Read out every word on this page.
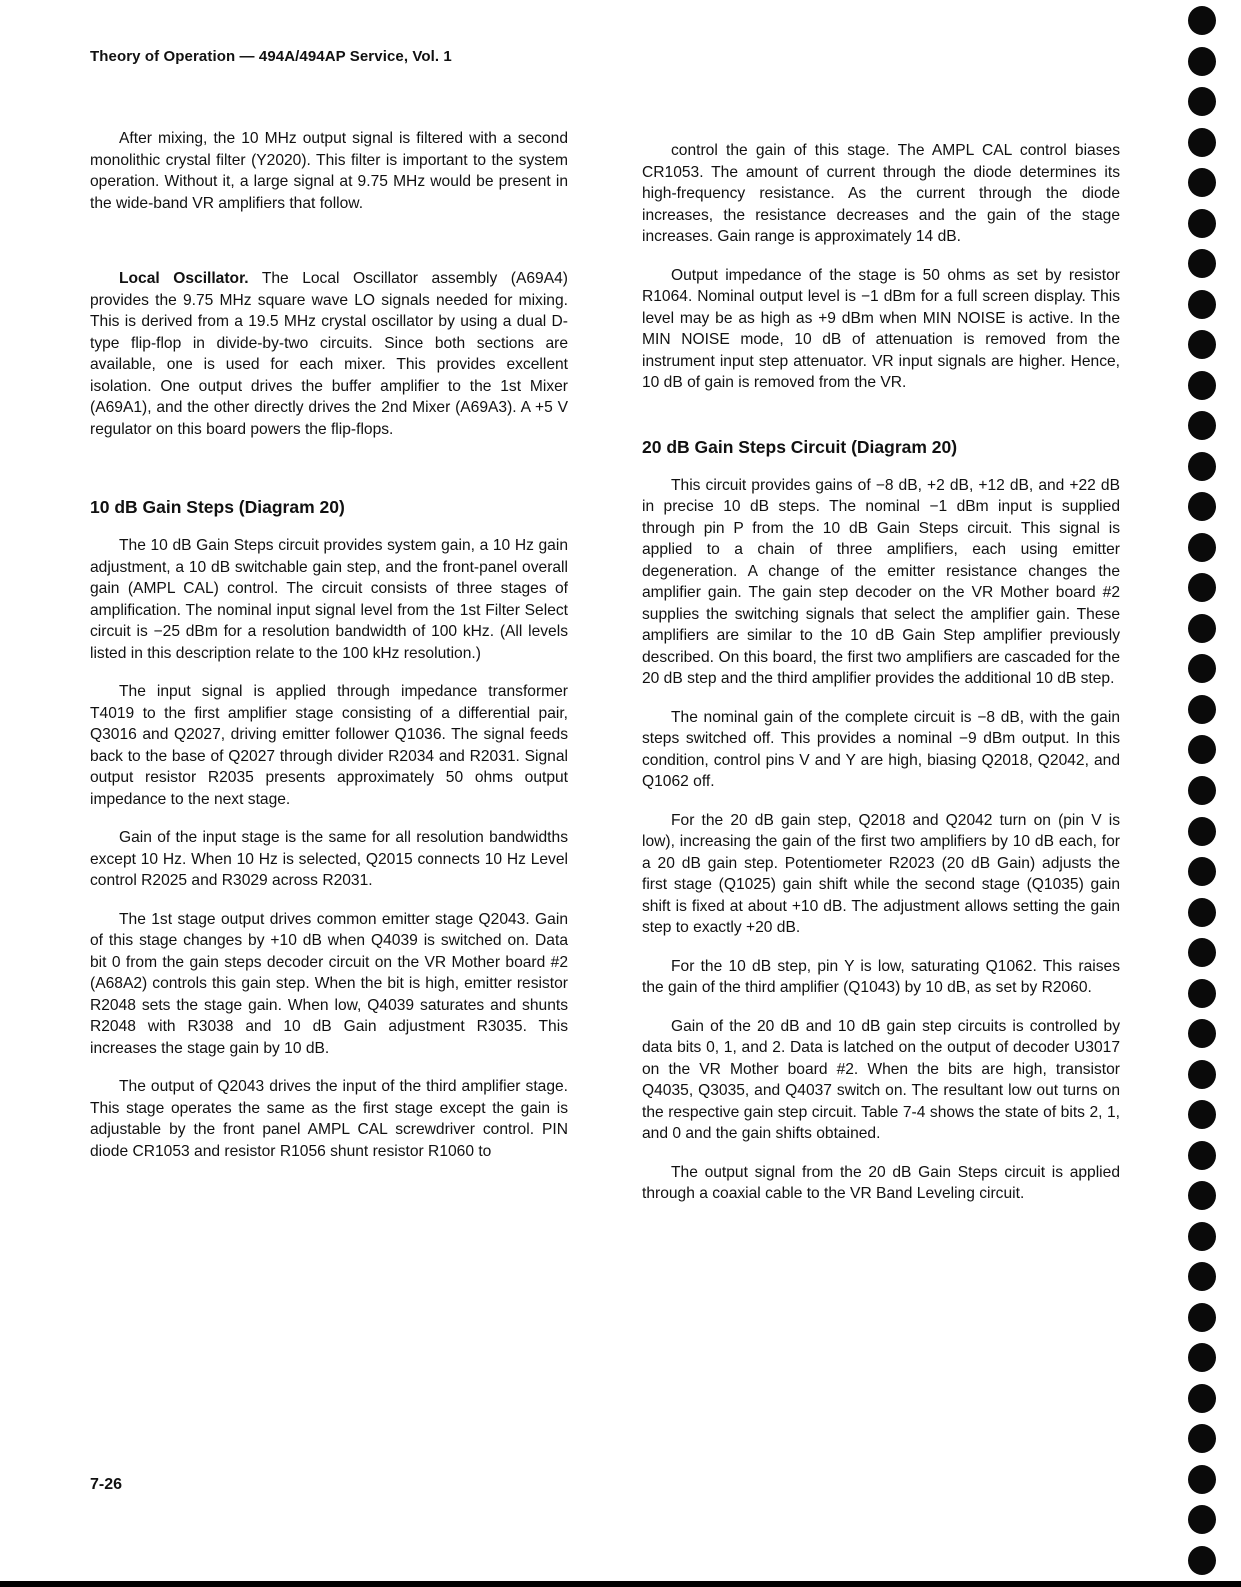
Theory of Operation — 494A/494AP Service, Vol. 1

After mixing, the 10 MHz output signal is filtered with a second monolithic crystal filter (Y2020). This filter is important to the system operation. Without it, a large signal at 9.75 MHz would be present in the wide-band VR amplifiers that follow.

Local Oscillator. The Local Oscillator assembly (A69A4) provides the 9.75 MHz square wave LO signals needed for mixing. This is derived from a 19.5 MHz crystal oscillator by using a dual D-type flip-flop in divide-by-two circuits. Since both sections are available, one is used for each mixer. This provides excellent isolation. One output drives the buffer amplifier to the 1st Mixer (A69A1), and the other directly drives the 2nd Mixer (A69A3). A +5 V regulator on this board powers the flip-flops.

10 dB Gain Steps (Diagram 20)

The 10 dB Gain Steps circuit provides system gain, a 10 Hz gain adjustment, a 10 dB switchable gain step, and the front-panel overall gain (AMPL CAL) control. The circuit consists of three stages of amplification. The nominal input signal level from the 1st Filter Select circuit is −25 dBm for a resolution bandwidth of 100 kHz. (All levels listed in this description relate to the 100 kHz resolution.)

The input signal is applied through impedance transformer T4019 to the first amplifier stage consisting of a differential pair, Q3016 and Q2027, driving emitter follower Q1036. The signal feeds back to the base of Q2027 through divider R2034 and R2031. Signal output resistor R2035 presents approximately 50 ohms output impedance to the next stage.

Gain of the input stage is the same for all resolution bandwidths except 10 Hz. When 10 Hz is selected, Q2015 connects 10 Hz Level control R2025 and R3029 across R2031.

The 1st stage output drives common emitter stage Q2043. Gain of this stage changes by +10 dB when Q4039 is switched on. Data bit 0 from the gain steps decoder circuit on the VR Mother board #2 (A68A2) controls this gain step. When the bit is high, emitter resistor R2048 sets the stage gain. When low, Q4039 saturates and shunts R2048 with R3038 and 10 dB Gain adjustment R3035. This increases the stage gain by 10 dB.

The output of Q2043 drives the input of the third amplifier stage. This stage operates the same as the first stage except the gain is adjustable by the front panel AMPL CAL screwdriver control. PIN diode CR1053 and resistor R1056 shunt resistor R1060 to

control the gain of this stage. The AMPL CAL control biases CR1053. The amount of current through the diode determines its high-frequency resistance. As the current through the diode increases, the resistance decreases and the gain of the stage increases. Gain range is approximately 14 dB.

Output impedance of the stage is 50 ohms as set by resistor R1064. Nominal output level is −1 dBm for a full screen display. This level may be as high as +9 dBm when MIN NOISE is active. In the MIN NOISE mode, 10 dB of attenuation is removed from the instrument input step attenuator. VR input signals are higher. Hence, 10 dB of gain is removed from the VR.

20 dB Gain Steps Circuit (Diagram 20)

This circuit provides gains of −8 dB, +2 dB, +12 dB, and +22 dB in precise 10 dB steps. The nominal −1 dBm input is supplied through pin P from the 10 dB Gain Steps circuit. This signal is applied to a chain of three amplifiers, each using emitter degeneration. A change of the emitter resistance changes the amplifier gain. The gain step decoder on the VR Mother board #2 supplies the switching signals that select the amplifier gain. These amplifiers are similar to the 10 dB Gain Step amplifier previously described. On this board, the first two amplifiers are cascaded for the 20 dB step and the third amplifier provides the additional 10 dB step.

The nominal gain of the complete circuit is −8 dB, with the gain steps switched off. This provides a nominal −9 dBm output. In this condition, control pins V and Y are high, biasing Q2018, Q2042, and Q1062 off.

For the 20 dB gain step, Q2018 and Q2042 turn on (pin V is low), increasing the gain of the first two amplifiers by 10 dB each, for a 20 dB gain step. Potentiometer R2023 (20 dB Gain) adjusts the first stage (Q1025) gain shift while the second stage (Q1035) gain shift is fixed at about +10 dB. The adjustment allows setting the gain step to exactly +20 dB.

For the 10 dB step, pin Y is low, saturating Q1062. This raises the gain of the third amplifier (Q1043) by 10 dB, as set by R2060.

Gain of the 20 dB and 10 dB gain step circuits is controlled by data bits 0, 1, and 2. Data is latched on the output of decoder U3017 on the VR Mother board #2. When the bits are high, transistor Q4035, Q3035, and Q4037 switch on. The resultant low out turns on the respective gain step circuit. Table 7-4 shows the state of bits 2, 1, and 0 and the gain shifts obtained.

The output signal from the 20 dB Gain Steps circuit is applied through a coaxial cable to the VR Band Leveling circuit.

7-26
